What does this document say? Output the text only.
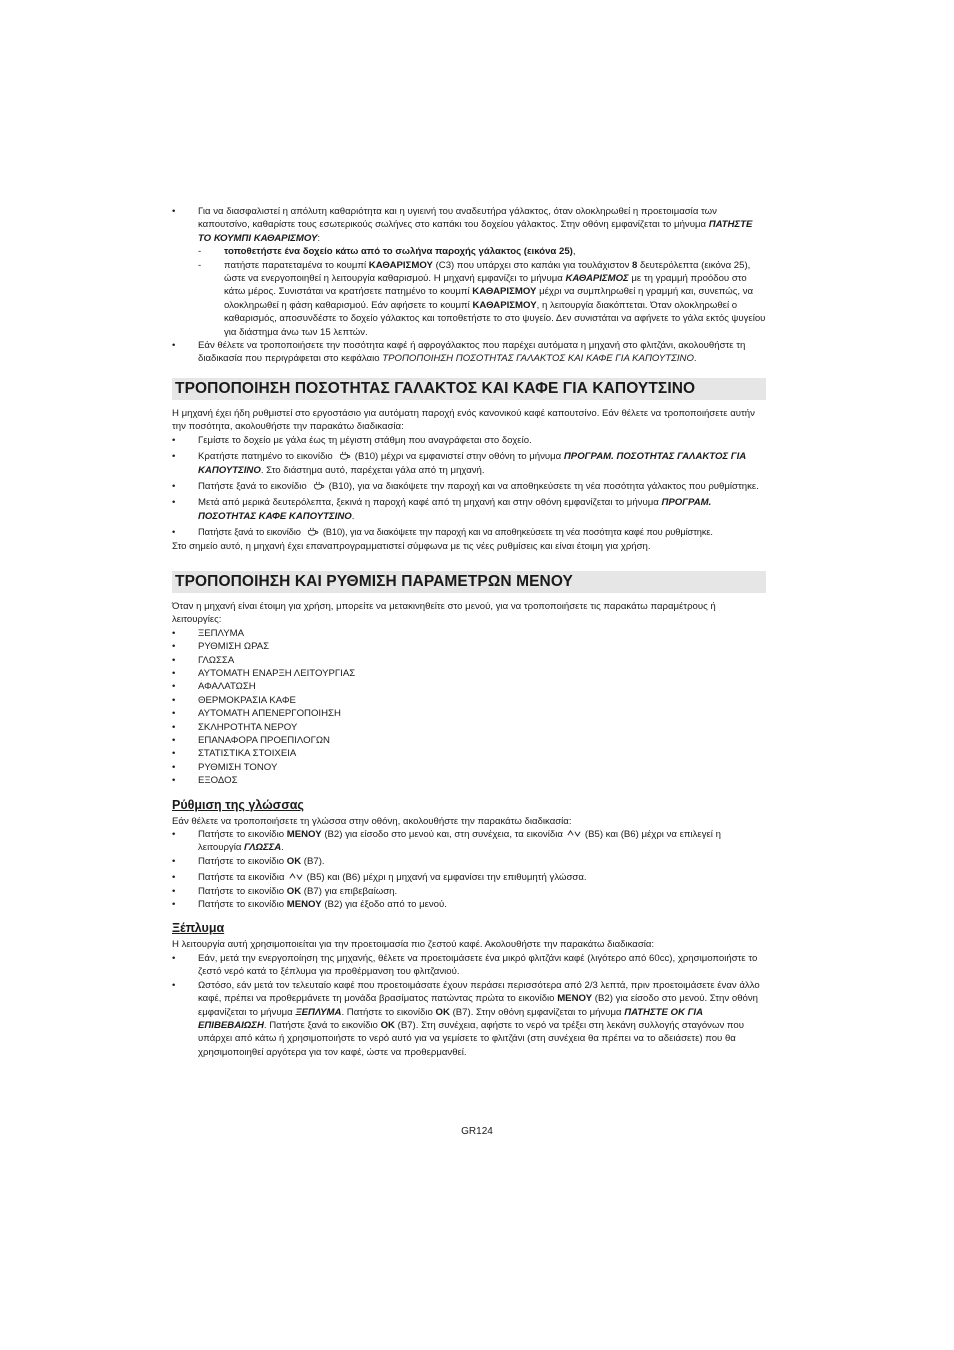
• Για να διασφαλιστεί η απόλυτη καθαριότητα και η υγιεινή του αναδευτήρα γάλακτος, όταν ολοκληρωθεί η προετοιμασία των καπουτσίνο, καθαρίστε τους εσωτερικούς σωλήνες στο καπάκι του δοχείου γάλακτος. Στην οθόνη εμφανίζεται το μήνυμα ΠΑΤΗΣΤΕ ΤΟ ΚΟΥΜΠΙ ΚΑΘΑΡΙΣΜΟΥ:
- τοποθετήστε ένα δοχείο κάτω από το σωλήνα παροχής γάλακτος (εικόνα 25),
- πατήστε παρατεταμένα το κουμπί ΚΑΘΑΡΙΣΜΟΥ (C3) που υπάρχει στο καπάκι για τουλάχιστον 8 δευτερόλεπτα (εικόνα 25), ώστε να ενεργοποιηθεί η λειτουργία καθαρισμού. Η μηχανή εμφανίζει το μήνυμα ΚΑΘΑΡΙΣΜΟΣ με τη γραμμή προόδου στο κάτω μέρος. Συνιστάται να κρατήσετε πατημένο το κουμπί ΚΑΘΑΡΙΣΜΟΥ μέχρι να συμπληρωθεί η γραμμή και, συνεπώς, να ολοκληρωθεί η φάση καθαρισμού. Εάν αφήσετε το κουμπί ΚΑΘΑΡΙΣΜΟΥ, η λειτουργία διακόπτεται. Όταν ολοκληρωθεί ο καθαρισμός, αποσυνδέστε το δοχείο γάλακτος και τοποθετήστε το στο ψυγείο. Δεν συνιστάται να αφήνετε το γάλα εκτός ψυγείου για διάστημα άνω των 15 λεπτών.
• Εάν θέλετε να τροποποιήσετε την ποσότητα καφέ ή αφρογάλακτος που παρέχει αυτόματα η μηχανή στο φλιτζάνι, ακολουθήστε τη διαδικασία που περιγράφεται στο κεφάλαιο ΤΡΟΠΟΠΟΙΗΣΗ ΠΟΣΟΤΗΤΑΣ ΓΑΛΑΚΤΟΣ ΚΑΙ ΚΑΦΕ ΓΙΑ ΚΑΠΟΥΤΣΙΝΟ.
ΤΡΟΠΟΠΟΙΗΣΗ ΠΟΣΟΤΗΤΑΣ ΓΑΛΑΚΤΟΣ ΚΑΙ ΚΑΦΕ ΓΙΑ ΚΑΠΟΥΤΣΙΝΟ

Η μηχανή έχει ήδη ρυθμιστεί στο εργοστάσιο για αυτόματη παροχή ενός κανονικού καφέ καπουτσίνο. Εάν θέλετε να τροποποιήσετε αυτήν την ποσότητα, ακολουθήστε την παρακάτω διαδικασία:

• Γεμίστε το δοχείο με γάλα έως τη μέγιστη στάθμη που αναγράφεται στο δοχείο.
• Κρατήστε πατημένο το εικονίδιο (B10) μέχρι να εμφανιστεί στην οθόνη το μήνυμα ΠΡΟΓΡΑΜ. ΠΟΣΟΤΗΤΑΣ ΓΑΛΑΚΤΟΣ ΓΙΑ ΚΑΠΟΥΤΣΙΝΟ. Στο διάστημα αυτό, παρέχεται γάλα από τη μηχανή.
• Πατήστε ξανά το εικονίδιο (B10), για να διακόψετε την παροχή και να αποθηκεύσετε τη νέα ποσότητα γάλακτος που ρυθμίστηκε.
• Μετά από μερικά δευτερόλεπτα, ξεκινά η παροχή καφέ από τη μηχανή και στην οθόνη εμφανίζεται το μήνυμα ΠΡΟΓΡΑΜ. ΠΟΣΟΤΗΤΑΣ ΚΑΦΕ ΚΑΠΟΥΤΣΙΝΟ.
• Πατήστε ξανά το εικονίδιο (B10), για να διακόψετε την παροχή και να αποθηκεύσετε τη νέα ποσότητα καφέ που ρυθμίστηκε.

Στο σημείο αυτό, η μηχανή έχει επαναπρογραμματιστεί σύμφωνα με τις νέες ρυθμίσεις και είναι έτοιμη για χρήση.

ΤΡΟΠΟΠΟΙΗΣΗ ΚΑΙ ΡΥΘΜΙΣΗ ΠΑΡΑΜΕΤΡΩΝ ΜΕΝΟΥ

Όταν η μηχανή είναι έτοιμη για χρήση, μπορείτε να μετακινηθείτε στο μενού, για να τροποποιήσετε τις παρακάτω παραμέτρους ή λειτουργίες:

• ΞΕΠΛΥΜΑ
• ΡΥΘΜΙΣΗ ΩΡΑΣ
• ΓΛΩΣΣΑ
• ΑΥΤΟΜΑΤΗ ΕΝΑΡΞΗ ΛΕΙΤΟΥΡΓΙΑΣ
• ΑΦΑΛΑΤΩΣΗ
• ΘΕΡΜΟΚΡΑΣΙΑ ΚΑΦΕ
• ΑΥΤΟΜΑΤΗ ΑΠΕΝΕΡΓΟΠΟΙΗΣΗ
• ΣΚΛΗΡΟΤΗΤΑ ΝΕΡΟΥ
• ΕΠΑΝΑΦΟΡΑ ΠΡΟΕΠΙΛΟΓΩΝ
• ΣΤΑΤΙΣΤΙΚΑ ΣΤΟΙΧΕΙΑ
• ΡΥΘΜΙΣΗ ΤΟΝΟΥ
• ΕΞΟΔΟΣ
Ρύθμιση της γλώσσας

Εάν θέλετε να τροποποιήσετε τη γλώσσα στην οθόνη, ακολουθήστε την παρακάτω διαδικασία:

• Πατήστε το εικονίδιο ΜΕΝΟΥ (B2) για είσοδο στο μενού και, στη συνέχεια, τα εικονίδια (B5) και (B6) μέχρι να επιλεγεί η λειτουργία ΓΛΩΣΣΑ.
• Πατήστε το εικονίδιο OK (B7).
• Πατήστε τα εικονίδια (B5) και (B6) μέχρι η μηχανή να εμφανίσει την επιθυμητή γλώσσα.
• Πατήστε το εικονίδιο OK (B7) για επιβεβαίωση.
• Πατήστε το εικονίδιο ΜΕΝΟΥ (B2) για έξοδο από το μενού.
Ξέπλυμα

Η λειτουργία αυτή χρησιμοποιείται για την προετοιμασία πιο ζεστού καφέ. Ακολουθήστε την παρακάτω διαδικασία:

• Εάν, μετά την ενεργοποίηση της μηχανής, θέλετε να προετοιμάσετε ένα μικρό φλιτζάνι καφέ (λιγότερο από 60cc), χρησιμοποιήστε το ζεστό νερό κατά το ξέπλυμα για προθέρμανση του φλιτζανιού.
• Ωστόσο, εάν μετά τον τελευταίο καφέ που προετοιμάσατε έχουν περάσει περισσότερα από 2/3 λεπτά, πριν προετοιμάσετε έναν άλλο καφέ, πρέπει να προθερμάνετε τη μονάδα βρασίματος πατώντας πρώτα το εικονίδιο ΜΕΝΟΥ (B2) για είσοδο στο μενού. Στην οθόνη εμφανίζεται το μήνυμα ΞΕΠΛΥΜΑ. Πατήστε το εικονίδιο OK (B7). Στην οθόνη εμφανίζεται το μήνυμα ΠΑΤΗΣΤΕ ΟΚ ΓΙΑ ΕΠΙΒΕΒΑΙΩΣΗ. Πατήστε ξανά το εικονίδιο OK (B7). Στη συνέχεια, αφήστε το νερό να τρέξει στη λεκάνη συλλογής σταγόνων που υπάρχει από κάτω ή χρησιμοποιήστε το νερό αυτό για να γεμίσετε το φλιτζάνι (στη συνέχεια θα πρέπει να το αδειάσετε) που θα χρησιμοποιηθεί αργότερα για τον καφέ, ώστε να προθερμανθεί.
GR124
